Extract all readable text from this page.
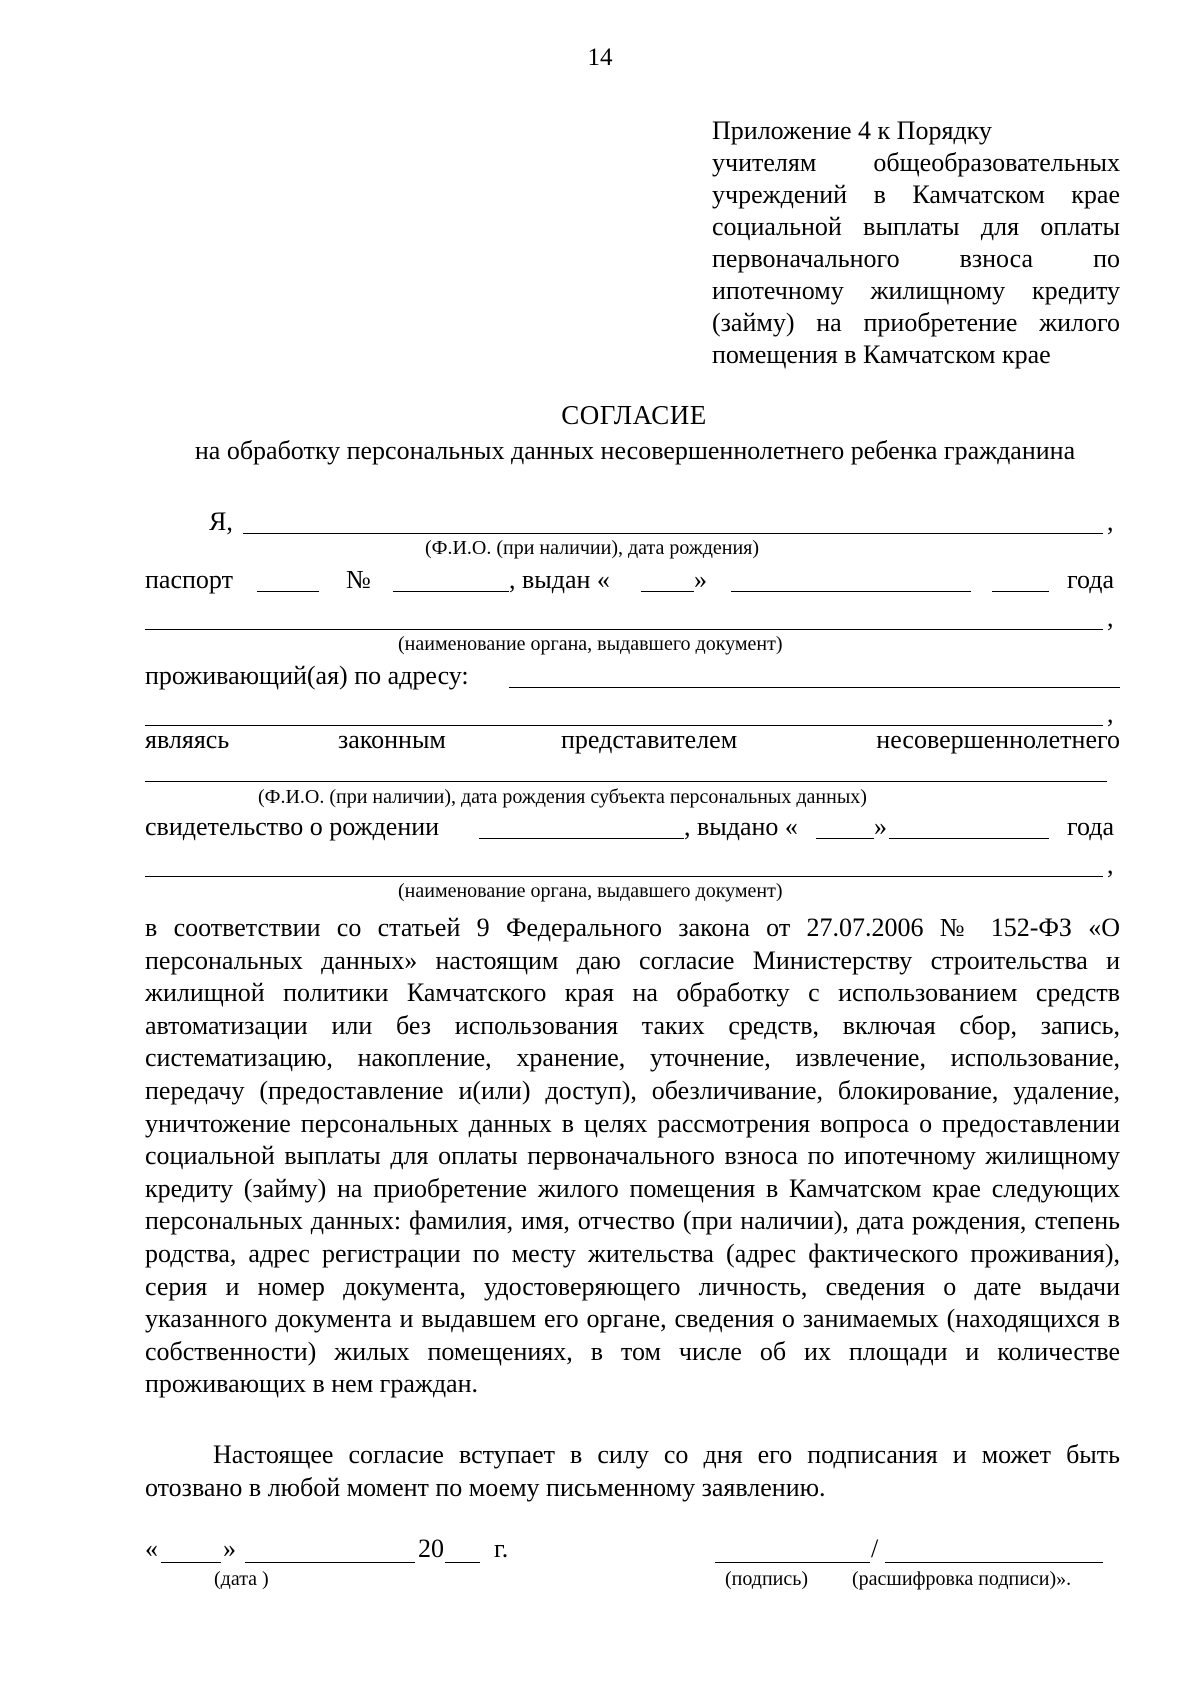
14
Приложение 4 к Порядку
учителям общеобразовательных
учреждений в Камчатском крае
социальной выплаты для оплаты
первоначального взноса по
ипотечному жилищному кредиту
(займу) на приобретение жилого
помещения в Камчатском крае
СОГЛАСИЕ
на обработку персональных данных несовершеннолетнего ребенка гражданина
Я,	,
(Ф.И.О. (при наличии), дата рождения)
паспорт	№	, выдан «	»	года
,
(наименование органа, выдавшего документ)
проживающий(ая) по адресу:
,
являясь	законным	представителем	несовершеннолетнего
(Ф.И.О. (при наличии), дата рождения субъекта персональных данных)
свидетельство о рождении	, выдано «	»	года
,
(наименование органа, выдавшего документ)
в соответствии со статьей 9 Федерального закона от 27.07.2006 № 152-ФЗ «О персональных данных» настоящим даю согласие Министерству строительства и жилищной политики Камчатского края на обработку с использованием средств автоматизации или без использования таких средств, включая сбор, запись, систематизацию, накопление, хранение, уточнение, извлечение, использование, передачу (предоставление и(или) доступ), обезличивание, блокирование, удаление, уничтожение персональных данных в целях рассмотрения вопроса о предоставлении социальной выплаты для оплаты первоначального взноса по ипотечному жилищному кредиту (займу) на приобретение жилого помещения в Камчатском крае следующих персональных данных: фамилия, имя, отчество (при наличии), дата рождения, степень родства, адрес регистрации по месту жительства (адрес фактического проживания), серия и номер документа, удостоверяющего личность, сведения о дате выдачи указанного документа и выдавшем его органе, сведения о занимаемых (находящихся в собственности) жилых помещениях, в том числе об их площади и количестве проживающих в нем граждан.
Настоящее согласие вступает в силу со дня его подписания и может быть отозвано в любой момент по моему письменному заявлению.
«	»	20 г.	/
(дата )	(подпись) (расшифровка подписи)».
